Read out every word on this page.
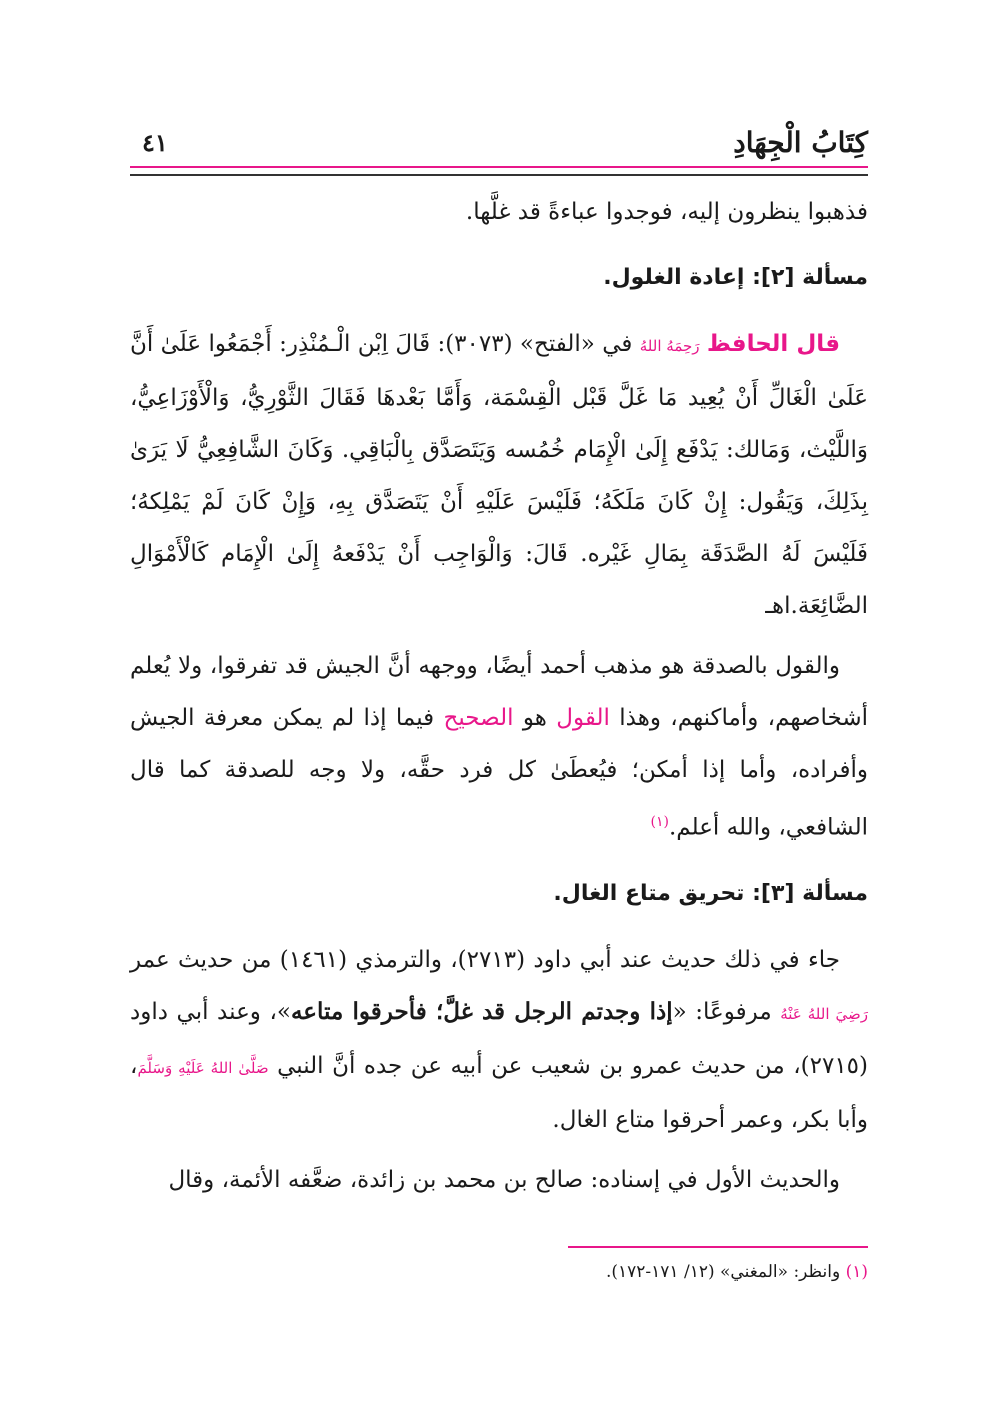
كِتَابُ الْجِهَادِ
٤١

فذهبوا ينظرون إليه، فوجدوا عباءةً قد غلَّها.

مسألة [٢]: إعادة الغلول.

قال الحافظ رَحِمَهُ اللهُ في «الفتح» (٣٠٧٣): قَالَ اِبْن الْـمُنْذِر: أَجْمَعُوا عَلَىٰ أَنَّ عَلَىٰ الْغَالِّ أَنْ يُعِيد مَا غَلَّ قَبْل الْقِسْمَة، وَأَمَّا بَعْدهَا فَقَالَ الثَّوْرِيُّ، وَالْأَوْزَاعِيُّ، وَاللَّيْث، وَمَالك: يَدْفَع إِلَىٰ الْإِمَام خُمُسه وَيَتَصَدَّق بِالْبَاقِي. وَكَانَ الشَّافِعِيُّ لَا يَرَىٰ بِذَلِكَ، وَيَقُول: إِنْ كَانَ مَلَكَهُ؛ فَلَيْسَ عَلَيْهِ أَنْ يَتَصَدَّق بِهِ، وَإِنْ كَانَ لَمْ يَمْلِكهُ؛ فَلَيْسَ لَهُ الصَّدَقَة بِمَالِ غَيْره. قَالَ: وَالْوَاجِب أَنْ يَدْفَعهُ إِلَىٰ الْإِمَام كَالْأَمْوَالِ الضَّائِعَة.اهـ

والقول بالصدقة هو مذهب أحمد أيضًا، ووجهه أنَّ الجيش قد تفرقوا، ولا يُعلم أشخاصهم، وأماكنهم، وهذا القول هو الصحيح فيما إذا لم يمكن معرفة الجيش وأفراده، وأما إذا أمكن؛ فيُعطَىٰ كل فرد حقَّه، ولا وجه للصدقة كما قال الشافعي، والله أعلم.$^{(١)}$

مسألة [٣]: تحريق متاع الغال.

جاء في ذلك حديث عند أبي داود (٢٧١٣)، والترمذي (١٤٦١) من حديث عمر رَضِيَ اللهُ عَنْهُ مرفوعًا: «إذا وجدتم الرجل قد غلَّ؛ فأحرقوا متاعه»، وعند أبي داود (٢٧١٥)، من حديث عمرو بن شعيب عن أبيه عن جده أنَّ النبي صَلَّىٰ اللهُ عَلَيْهِ وَسَلَّمَ، وأبا بكر، وعمر أحرقوا متاع الغال.

والحديث الأول في إسناده: صالح بن محمد بن زائدة، ضعَّفه الأئمة، وقال

(١) وانظر: «المغني» (١٢/ ١٧١-١٧٢).
